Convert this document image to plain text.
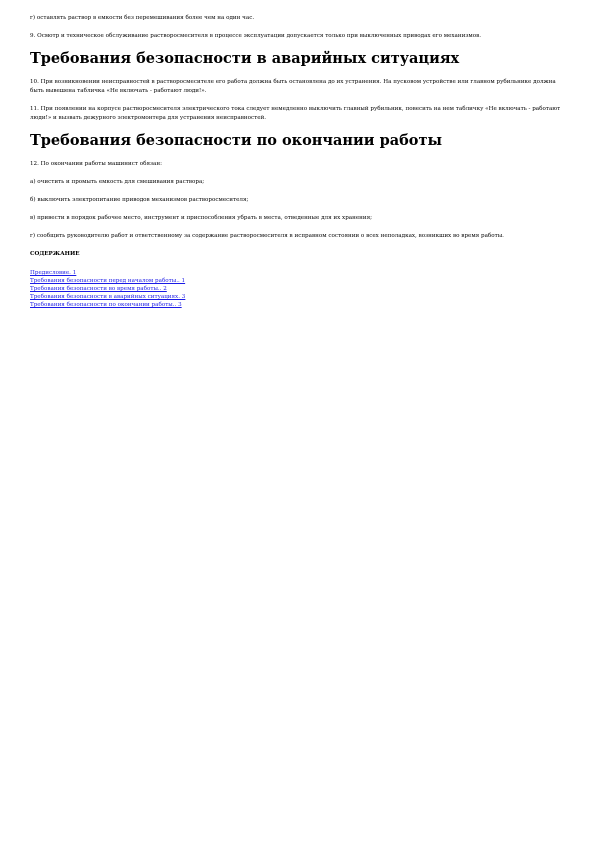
г) оставлять раствор в емкости без перемешивания более чем на один час.

9. Осмотр и техническое обслуживание растворосмесителя в процессе эксплуатации допускается только при выключенных приводах его механизмов.

Требования безопасности в аварийных ситуациях

10. При возникновении неисправностей в растворосмесителе его работа должна быть остановлена до их устранения. На пусковом устройстве или главном рубильнике должна быть вывешена табличка «Не включать - работают люди!».

11. При появлении на корпусе растворосмесителя электрического тока следует немедленно выключить главный рубильник, повесить на нем табличку «Не включать - работают люди!» и вызвать дежурного электромонтера для устранения неисправностей.

Требования безопасности по окончании работы

12. По окончании работы машинист обязан:

а) очистить и промыть емкость для смешивания раствора;

б) выключить электропитание приводов механизмов растворосмесителя;

в) привести в порядок рабочее место, инструмент и приспособления убрать в места, отведенные для их хранения;

г) сообщить руководителю работ и ответственному за содержание растворосмесителя в исправном состоянии о всех неполадках, возникших во время работы.

СОДЕРЖАНИЕ

Предисловие. 1
Требования безопасности перед началом работы.. 1
Требования безопасности во время работы.. 2
Требования безопасности в аварийных ситуациях. 3
Требования безопасности по окончании работы.. 3
